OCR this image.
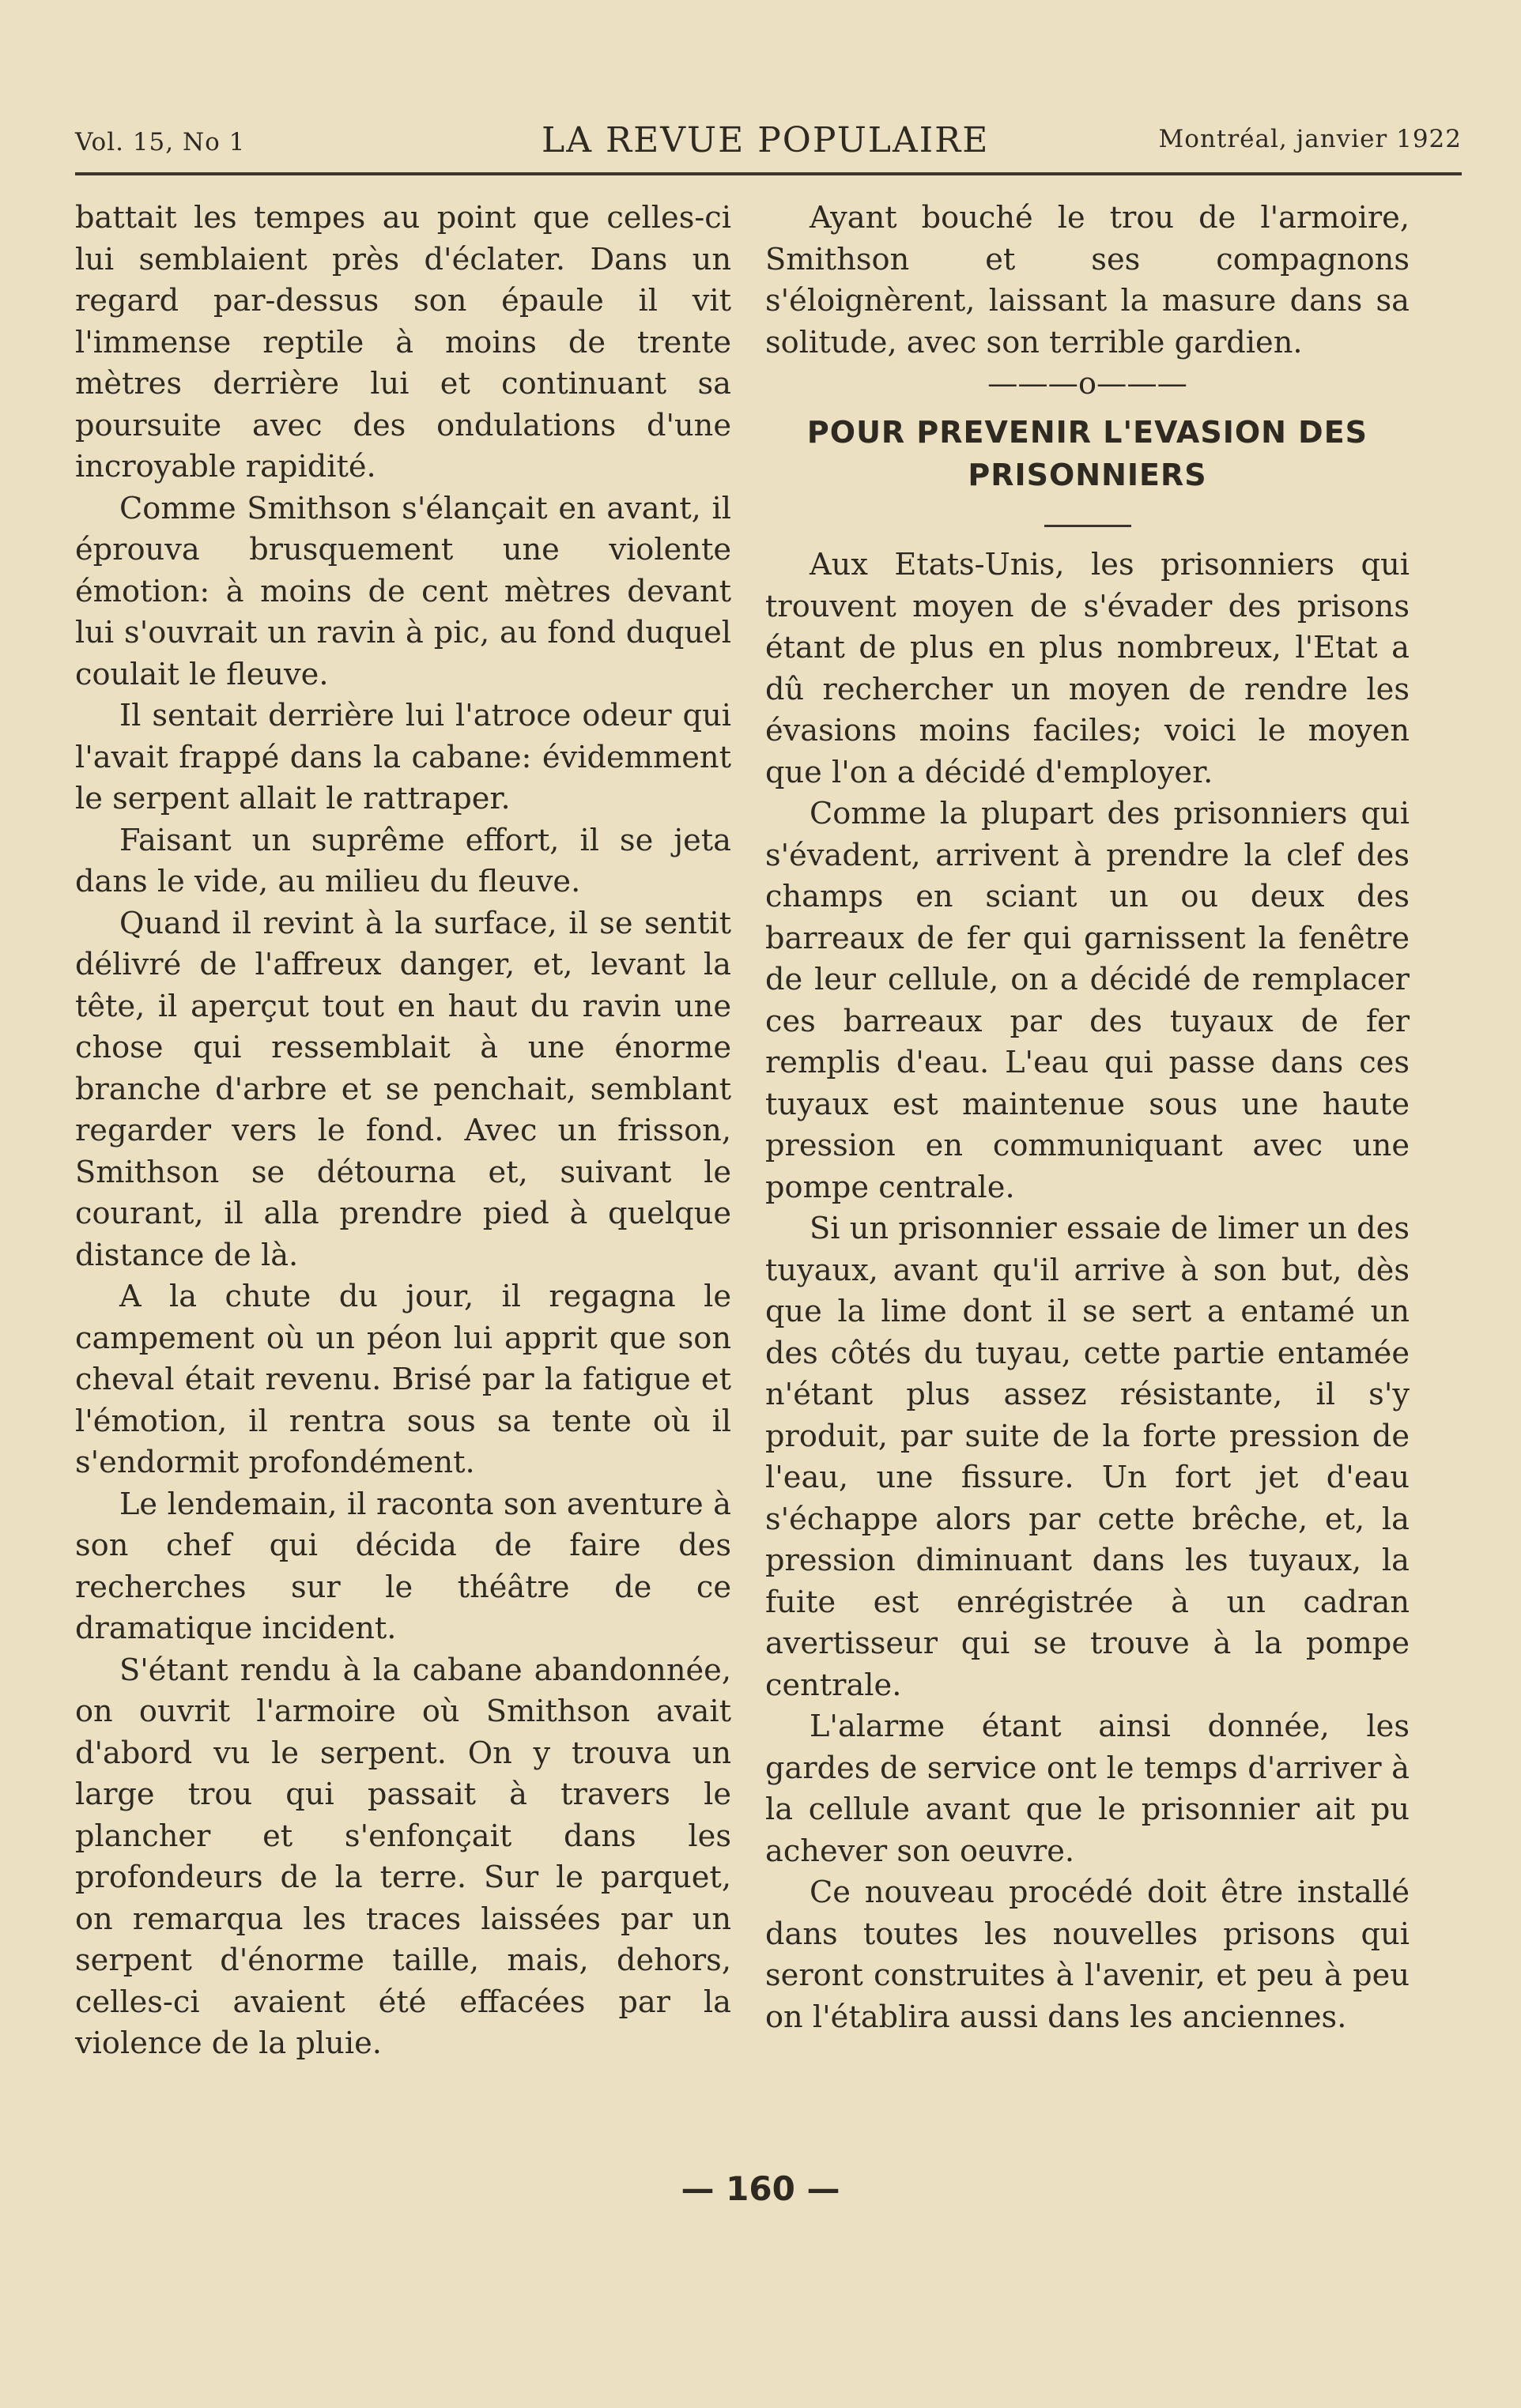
Vol. 15, No 1	LA REVUE POPULAIRE	Montréal, janvier 1922

battait les tempes au point que celles-ci lui semblaient près d'éclater. Dans un regard par-dessus son épaule il vit l'immense reptile à moins de trente mètres derrière lui et continuant sa poursuite avec des ondulations d'une incroyable rapidité.

Comme Smithson s'élançait en avant, il éprouva brusquement une violente émotion: à moins de cent mètres devant lui s'ouvrait un ravin à pic, au fond duquel coulait le fleuve.

Il sentait derrière lui l'atroce odeur qui l'avait frappé dans la cabane: évidemment le serpent allait le rattraper.

Faisant un suprême effort, il se jeta dans le vide, au milieu du fleuve.

Quand il revint à la surface, il se sentit délivré de l'affreux danger, et, levant la tête, il aperçut tout en haut du ravin une chose qui ressemblait à une énorme branche d'arbre et se penchait, semblant regarder vers le fond. Avec un frisson, Smithson se détourna et, suivant le courant, il alla prendre pied à quelque distance de là.

A la chute du jour, il regagna le campement où un péon lui apprit que son cheval était revenu. Brisé par la fatigue et l'émotion, il rentra sous sa tente où il s'endormit profondément.

Le lendemain, il raconta son aventure à son chef qui décida de faire des recherches sur le théâtre de ce dramatique incident.

S'étant rendu à la cabane abandonnée, on ouvrit l'armoire où Smithson avait d'abord vu le serpent. On y trouva un large trou qui passait à travers le plancher et s'enfonçait dans les profondeurs de la terre. Sur le parquet, on remarqua les traces laissées par un serpent d'énorme taille, mais, dehors, celles-ci avaient été effacées par la violence de la pluie.

Ayant bouché le trou de l'armoire, Smithson et ses compagnons s'éloignèrent, laissant la masure dans sa solitude, avec son terrible gardien.

———o———

POUR PREVENIR L'EVASION DES PRISONNIERS

Aux Etats-Unis, les prisonniers qui trouvent moyen de s'évader des prisons étant de plus en plus nombreux, l'Etat a dû rechercher un moyen de rendre les évasions moins faciles; voici le moyen que l'on a décidé d'employer.

Comme la plupart des prisonniers qui s'évadent, arrivent à prendre la clef des champs en sciant un ou deux des barreaux de fer qui garnissent la fenêtre de leur cellule, on a décidé de remplacer ces barreaux par des tuyaux de fer remplis d'eau. L'eau qui passe dans ces tuyaux est maintenue sous une haute pression en communiquant avec une pompe centrale.

Si un prisonnier essaie de limer un des tuyaux, avant qu'il arrive à son but, dès que la lime dont il se sert a entamé un des côtés du tuyau, cette partie entamée n'étant plus assez résistante, il s'y produit, par suite de la forte pression de l'eau, une fissure. Un fort jet d'eau s'échappe alors par cette brêche, et, la pression diminuant dans les tuyaux, la fuite est enrégistrée à un cadran avertisseur qui se trouve à la pompe centrale.

L'alarme étant ainsi donnée, les gardes de service ont le temps d'arriver à la cellule avant que le prisonnier ait pu achever son oeuvre.

Ce nouveau procédé doit être installé dans toutes les nouvelles prisons qui seront construites à l'avenir, et peu à peu on l'établira aussi dans les anciennes.

— 160 —
